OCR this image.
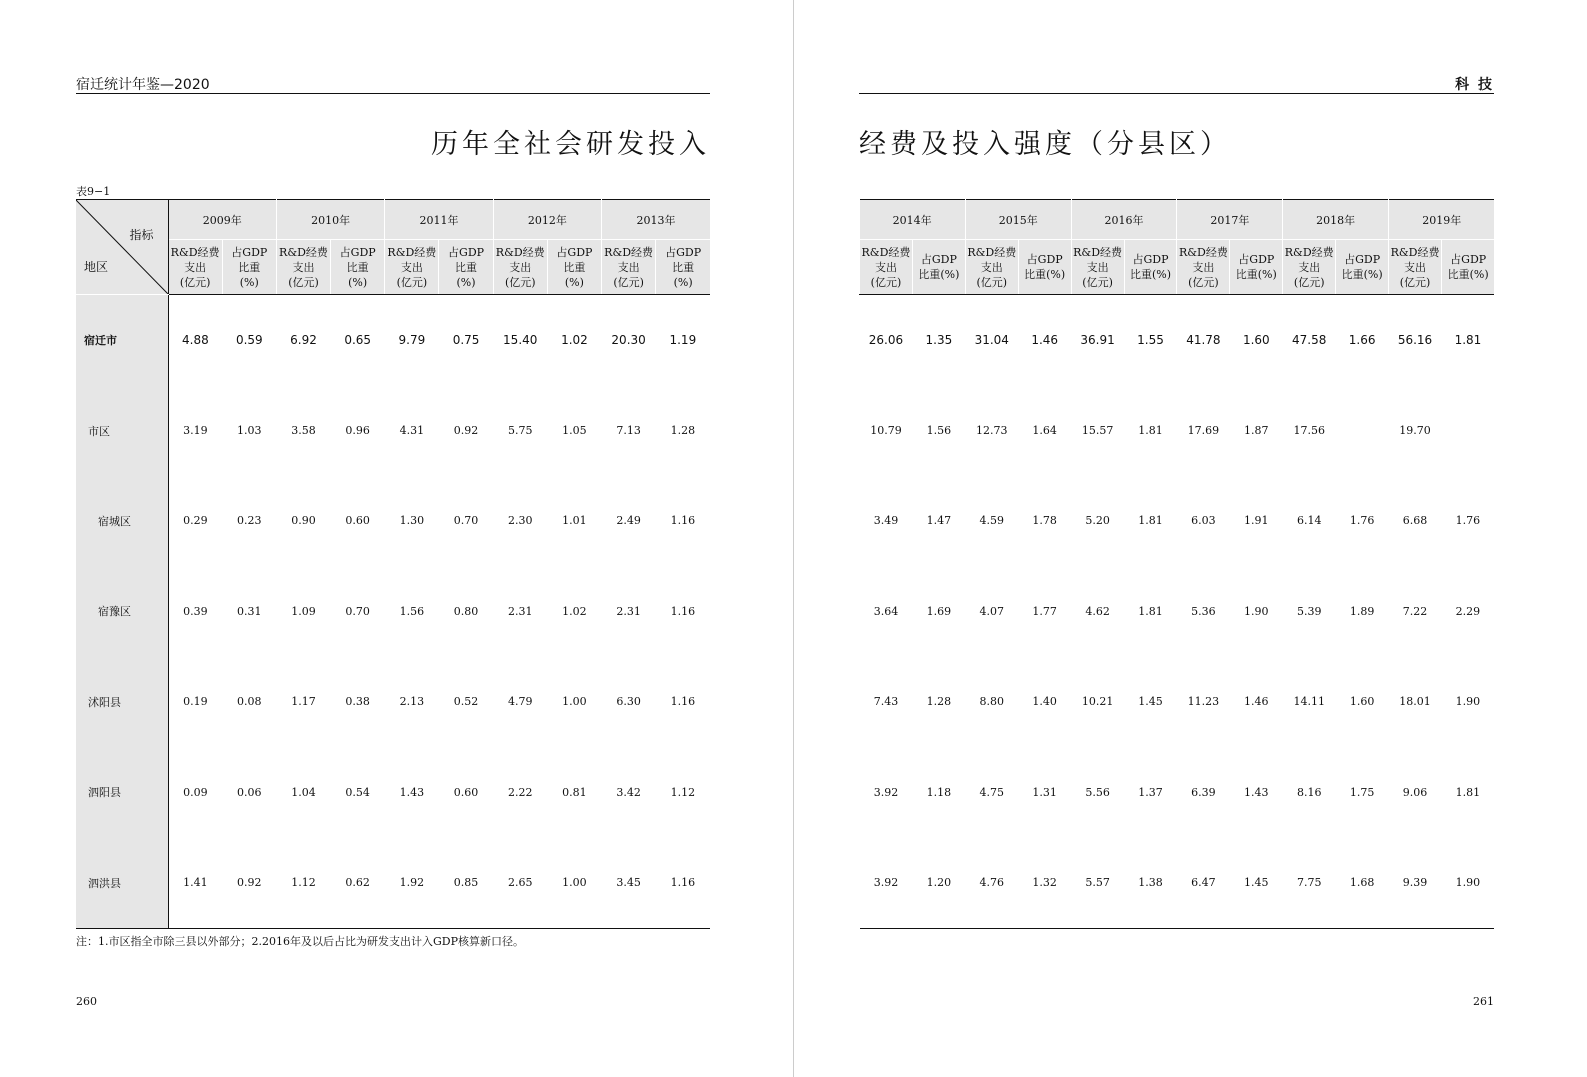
宿迁统计年鉴—2020
历年全社会研发投入
表9−1
指标
地区	2009年		2010年		2011年		2012年		2013年	
	R&D经费
支出
(亿元)	占GDP
比重
(%)	R&D经费
支出
(亿元)	占GDP
比重
(%)	R&D经费
支出
(亿元)	占GDP
比重
(%)	R&D经费
支出
(亿元)	占GDP
比重
(%)	R&D经费
支出
(亿元)	占GDP
比重
(%)
宿迁市	4.88	0.59	6.92	0.65	9.79	0.75	15.40	1.02	20.30	1.19
市区	3.19	1.03	3.58	0.96	4.31	0.92	5.75	1.05	7.13	1.28
宿城区	0.29	0.23	0.90	0.60	1.30	0.70	2.30	1.01	2.49	1.16
宿豫区	0.39	0.31	1.09	0.70	1.56	0.80	2.31	1.02	2.31	1.16
沭阳县	0.19	0.08	1.17	0.38	2.13	0.52	4.79	1.00	6.30	1.16
泗阳县	0.09	0.06	1.04	0.54	1.43	0.60	2.22	0.81	3.42	1.12
泗洪县	1.41	0.92	1.12	0.62	1.92	0.85	2.65	1.00	3.45	1.16
注：1.市区指全市除三县以外部分；2.2016年及以后占比为研发支出计入GDP核算新口径。
260
科 技
经费及投入强度（分县区）
2014年		2015年		2016年		2017年		2018年		2019年	
R&D经费
支出
(亿元)	占GDP
比重(%)	R&D经费
支出
(亿元)	占GDP
比重(%)	R&D经费
支出
(亿元)	占GDP
比重(%)	R&D经费
支出
(亿元)	占GDP
比重(%)	R&D经费
支出
(亿元)	占GDP
比重(%)	R&D经费
支出
(亿元)	占GDP
比重(%)
26.06	1.35	31.04	1.46	36.91	1.55	41.78	1.60	47.58	1.66	56.16	1.81
10.79	1.56	12.73	1.64	15.57	1.81	17.69	1.87	17.56		19.70	
3.49	1.47	4.59	1.78	5.20	1.81	6.03	1.91	6.14	1.76	6.68	1.76
3.64	1.69	4.07	1.77	4.62	1.81	5.36	1.90	5.39	1.89	7.22	2.29
7.43	1.28	8.80	1.40	10.21	1.45	11.23	1.46	14.11	1.60	18.01	1.90
3.92	1.18	4.75	1.31	5.56	1.37	6.39	1.43	8.16	1.75	9.06	1.81
3.92	1.20	4.76	1.32	5.57	1.38	6.47	1.45	7.75	1.68	9.39	1.90
261
